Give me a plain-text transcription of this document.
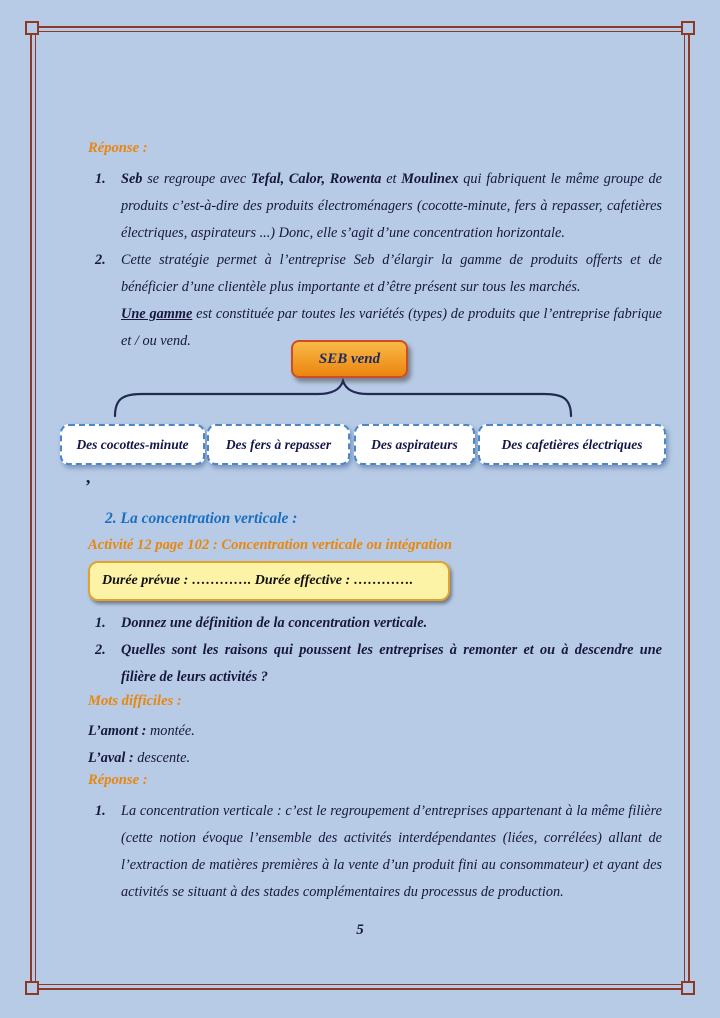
Réponse :
1.	Seb se regroupe avec Tefal, Calor, Rowenta et Moulinex qui fabriquent le même groupe de produits c’est-à-dire des produits électroménagers (cocotte-minute, fers à repasser, cafetières électriques, aspirateurs ...) Donc, elle s’agit d’une concentration horizontale.
2.	Cette stratégie permet à l’entreprise Seb d’élargir la gamme de produits offerts et de bénéficier d’une clientèle plus importante et d’être présent sur tous les marchés.
Une gamme est constituée par toutes les variétés (types) de produits que l’entreprise fabrique et / ou vend.
SEB vend
Des cocottes-minute	Des fers à repasser	Des aspirateurs	Des cafetières électriques
’
2. La concentration verticale :
Activité 12 page 102 : Concentration verticale ou intégration
Durée prévue : …………. Durée effective : ………….
1.	Donnez une définition de la concentration verticale.
2.	Quelles sont les raisons qui poussent les entreprises à remonter et ou à descendre une filière de leurs activités ?
Mots difficiles :
L’amont : montée.
L’aval : descente.
Réponse :
1.	La concentration verticale : c’est le regroupement d’entreprises appartenant à la même filière (cette notion évoque l’ensemble des activités interdépendantes (liées, corrélées) allant de l’extraction de matières premières à la vente d’un produit fini au consommateur) et ayant des activités se situant à des stades complémentaires du processus de production.
5
